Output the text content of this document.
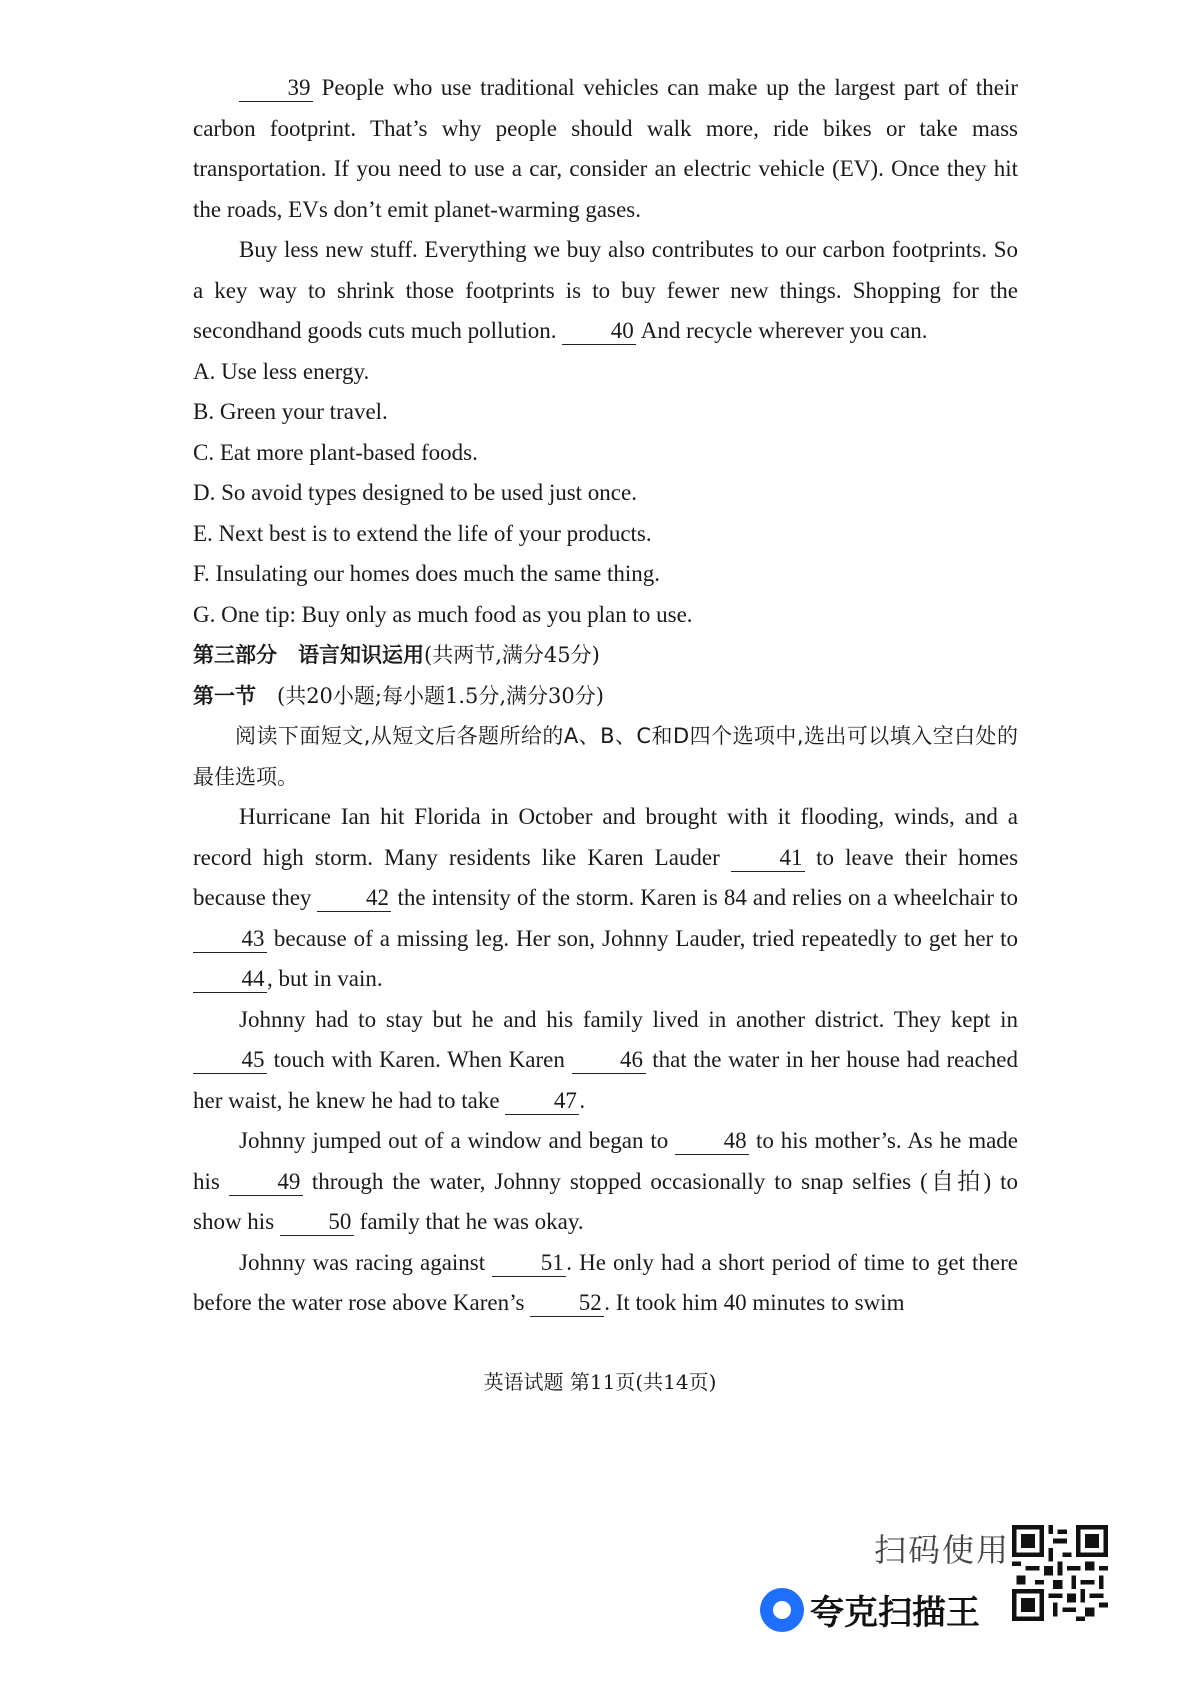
39 People who use traditional vehicles can make up the largest part of their carbon footprint. That’s why people should walk more, ride bikes or take mass transportation. If you need to use a car, consider an electric vehicle (EV). Once they hit the roads, EVs don’t emit planet-warming gases.

Buy less new stuff. Everything we buy also contributes to our carbon footprints. So a key way to shrink those footprints is to buy fewer new things. Shopping for the secondhand goods cuts much pollution. 40 And recycle wherever you can.

A. Use less energy.

B. Green your travel.

C. Eat more plant-based foods.

D. So avoid types designed to be used just once.

E. Next best is to extend the life of your products.

F. Insulating our homes does much the same thing.

G. One tip: Buy only as much food as you plan to use.

第三部分　语言知识运用(共两节,满分45分)

第一节　 (共20小题;每小题1.5分,满分30分)

阅读下面短文,从短文后各题所给的A、B、C和D四个选项中,选出可以填入空白处的最佳选项。

Hurricane Ian hit Florida in October and brought with it flooding, winds, and a record high storm. Many residents like Karen Lauder	41 to leave their homes because they 42 the intensity of the storm. Karen is 84 and relies on a wheelchair to 43 because of a missing leg. Her son, Johnny Lauder, tried repeatedly to get her to 44 , but in vain.

Johnny had to stay but he and his family lived in another district. They kept in 45 touch with Karen. When Karen 46 that the water in her house had reached her waist, he knew he had to take 47 .

Johnny jumped out of a window and began to 48 to his mother’s. As he made his	49 through the water, Johnny stopped occasionally to snap selfies (自拍) to show his 50 family that he was okay.

Johnny was racing against 51 . He only had a short period of time to get there before the water rose above Karen’s 52 . It took him 40 minutes to swim

英语试题 第11页(共14页)
扫码使用
夸克扫描王
